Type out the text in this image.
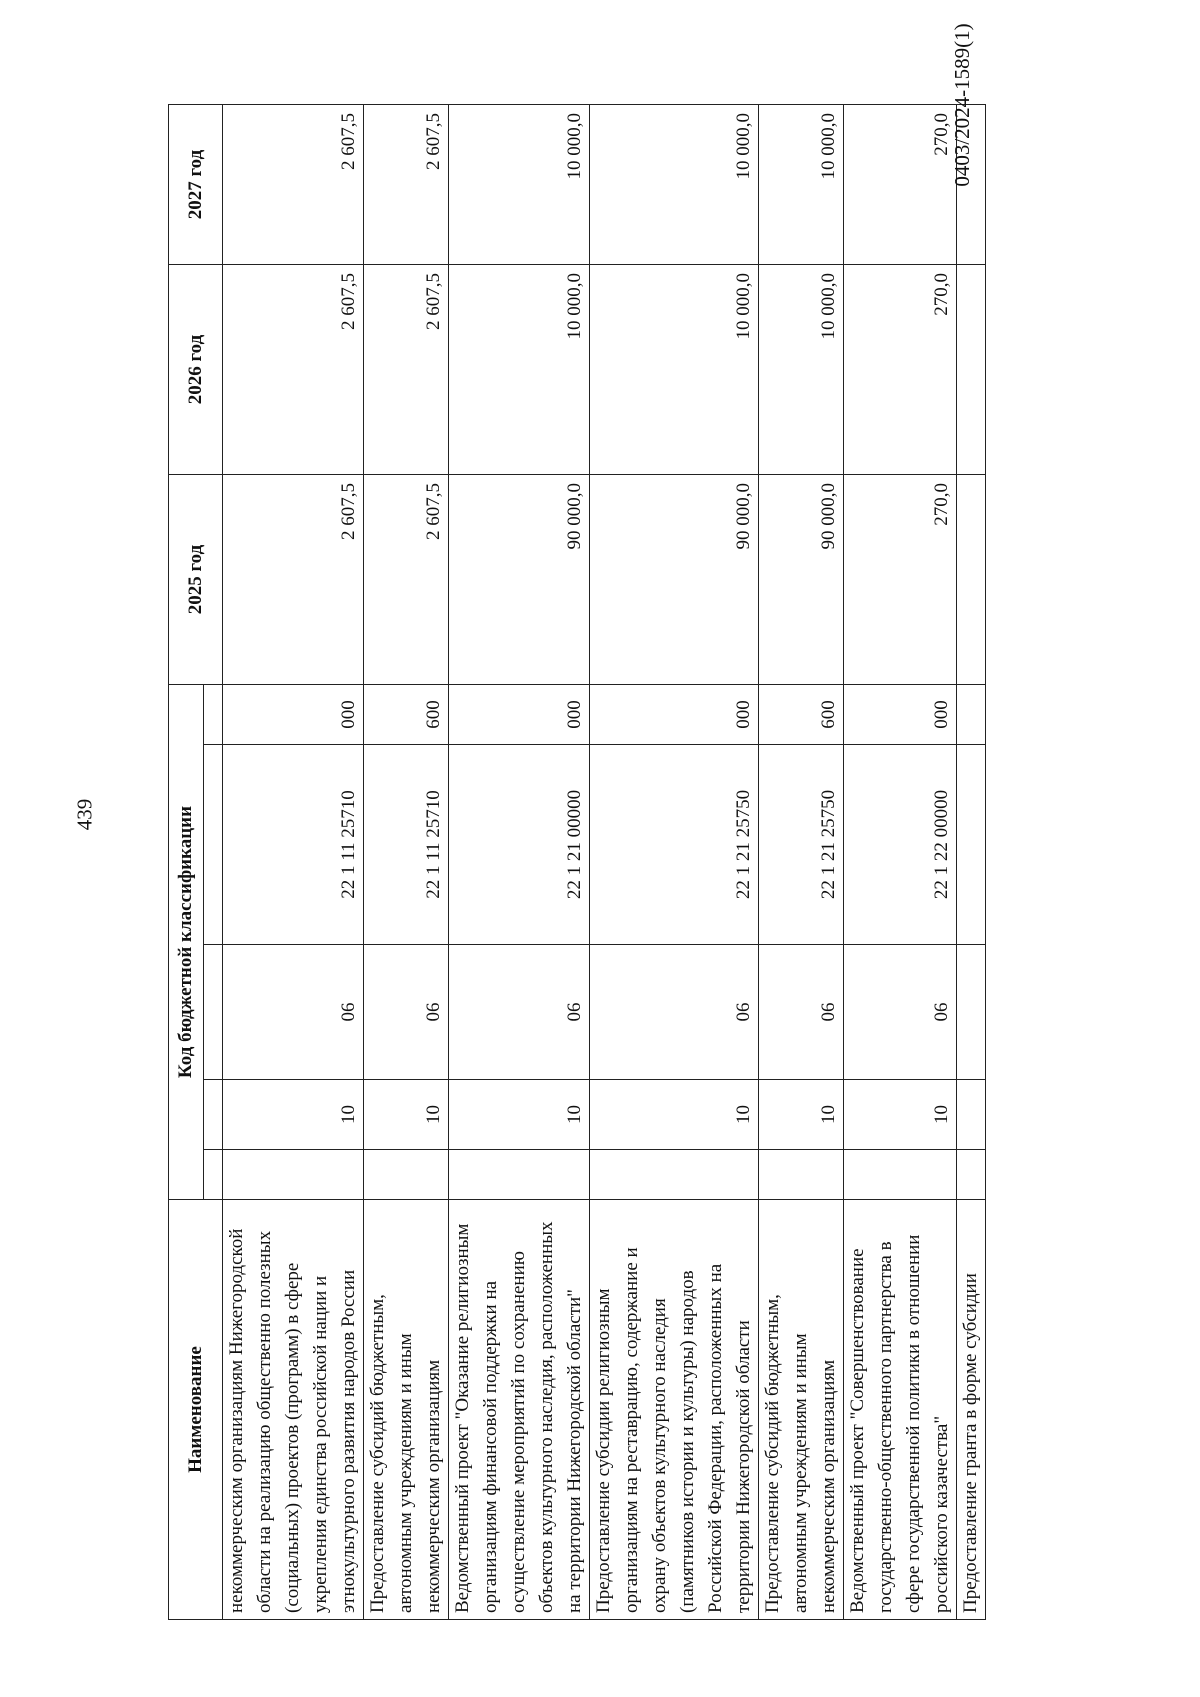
439
Наименование	Код бюджетной классификации					2025 год	2026 год	2027 год

некоммерческим организациям Нижегородской области на реализацию общественно полезных (социальных) проектов (программ) в сфере укрепления единства российской нации и этнокультурного развития народов России		10	06	22 1 11 25710	000	2 607,5	2 607,5	2 607,5
Предоставление субсидий бюджетным, автономным учреждениям и иным некоммерческим организациям		10	06	22 1 11 25710	600	2 607,5	2 607,5	2 607,5
Ведомственный проект "Оказание религиозным организациям финансовой поддержки на осуществление мероприятий по сохранению объектов культурного наследия, расположенных на территории Нижегородской области"		10	06	22 1 21 00000	000	90 000,0	10 000,0	10 000,0
Предоставление субсидии религиозным организациям на реставрацию, содержание и охрану объектов культурного наследия (памятников истории и культуры) народов Российской Федерации, расположенных на территории Нижегородской области		10	06	22 1 21 25750	000	90 000,0	10 000,0	10 000,0
Предоставление субсидий бюджетным, автономным учреждениям и иным некоммерческим организациям		10	06	22 1 21 25750	600	90 000,0	10 000,0	10 000,0
Ведомственный проект "Совершенствование государственно-общественного партнерства в сфере государственной политики в отношении российского казачества"		10	06	22 1 22 00000	000	270,0	270,0	270,0
Предоставление гранта в форме субсидии								
0403/2024-1589(1)
